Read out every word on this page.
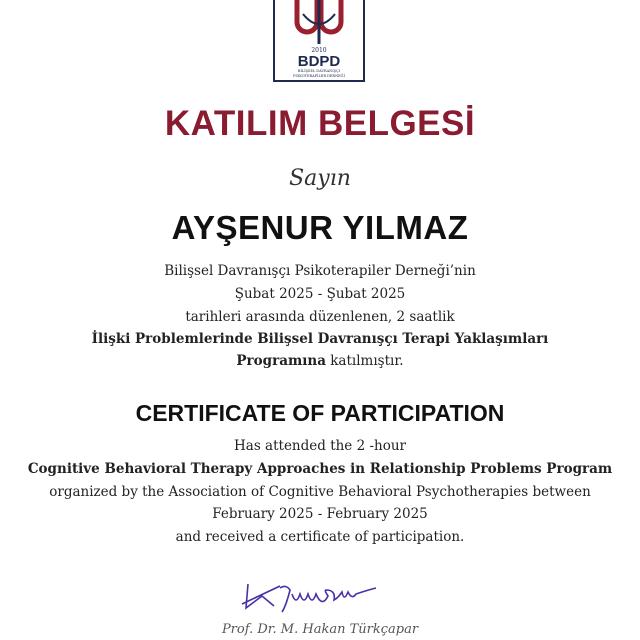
2010
BDPD
BİLİŞSEL DAVRANIŞÇI
PSİKOTERAPİLER DERNEĞİ
KATILIM BELGESİ
Sayın
AYŞENUR YILMAZ
Bilişsel Davranışçı Psikoterapiler Derneği’nin
Şubat 2025 - Şubat 2025
tarihleri arasında düzenlenen, 2 saatlik
İlişki Problemlerinde Bilişsel Davranışçı Terapi Yaklaşımları
Programına katılmıştır.
CERTIFICATE OF PARTICIPATION
Has attended the 2 -hour
Cognitive Behavioral Therapy Approaches in Relationship Problems Program
organized by the Association of Cognitive Behavioral Psychotherapies between
February 2025 - February 2025
and received a certificate of participation.
Prof. Dr. M. Hakan Türkçapar
